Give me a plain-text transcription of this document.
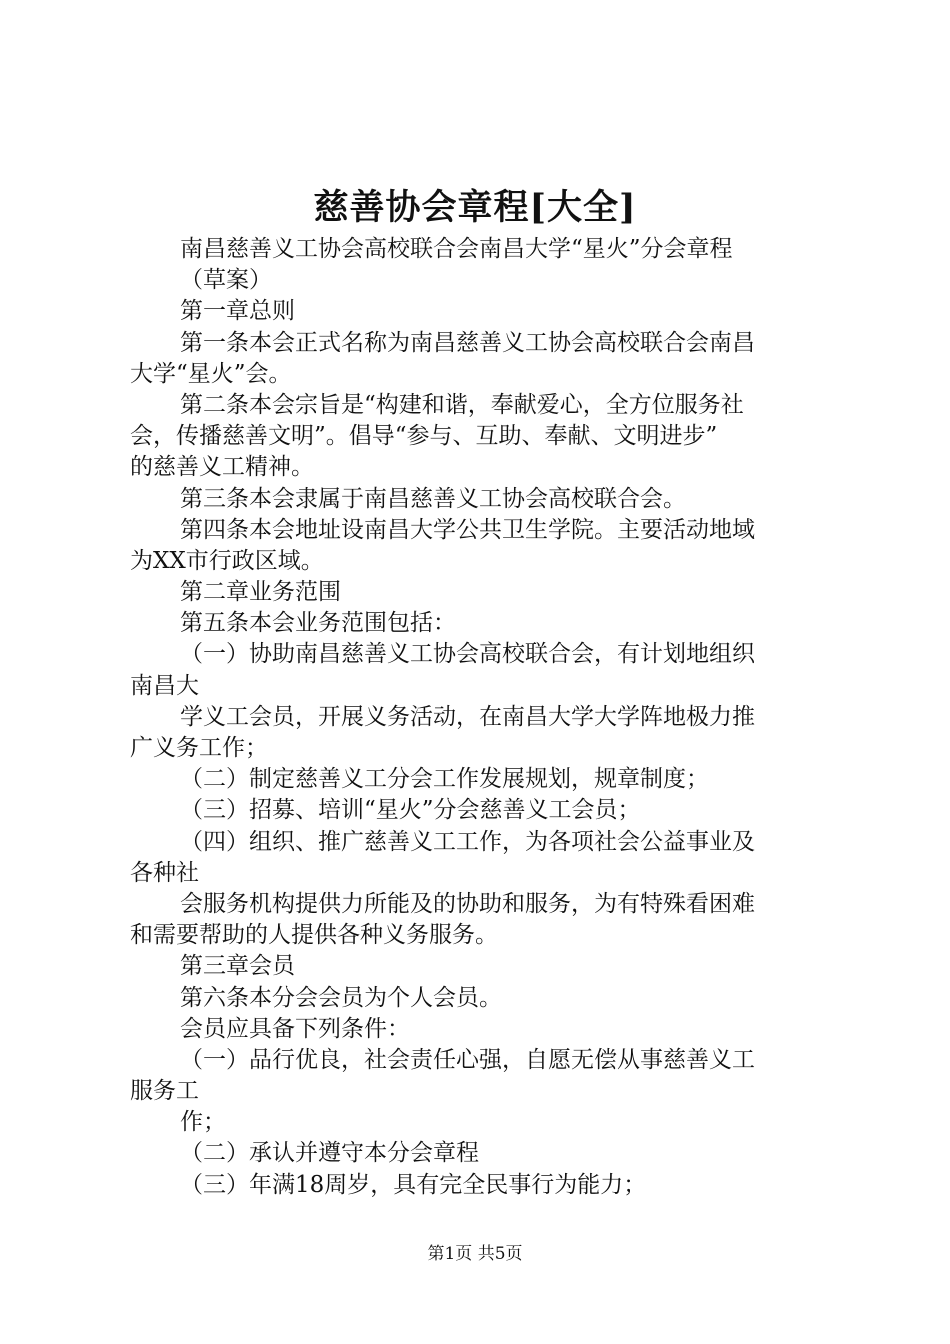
慈善协会章程[大全]
南昌慈善义工协会高校联合会南昌大学“星火”分会章程
（草案）
第一章总则
第一条本会正式名称为南昌慈善义工协会高校联合会南昌
大学“星火”会。
第二条本会宗旨是“构建和谐，奉献爱心，全方位服务社
会，传播慈善文明”。倡导“参与、互助、奉献、文明进步”
的慈善义工精神。
第三条本会隶属于南昌慈善义工协会高校联合会。
第四条本会地址设南昌大学公共卫生学院。主要活动地域
为XX市行政区域。
第二章业务范围
第五条本会业务范围包括：
（一）协助南昌慈善义工协会高校联合会，有计划地组织
南昌大
学义工会员，开展义务活动，在南昌大学大学阵地极力推
广义务工作；
（二）制定慈善义工分会工作发展规划，规章制度；
（三）招募、培训“星火”分会慈善义工会员；
（四）组织、推广慈善义工工作，为各项社会公益事业及
各种社
会服务机构提供力所能及的协助和服务，为有特殊看困难
和需要帮助的人提供各种义务服务。
第三章会员
第六条本分会会员为个人会员。
会员应具备下列条件：
（一）品行优良，社会责任心强，自愿无偿从事慈善义工
服务工
作；
（二）承认并遵守本分会章程
（三）年满18周岁，具有完全民事行为能力；
第1页 共5页
